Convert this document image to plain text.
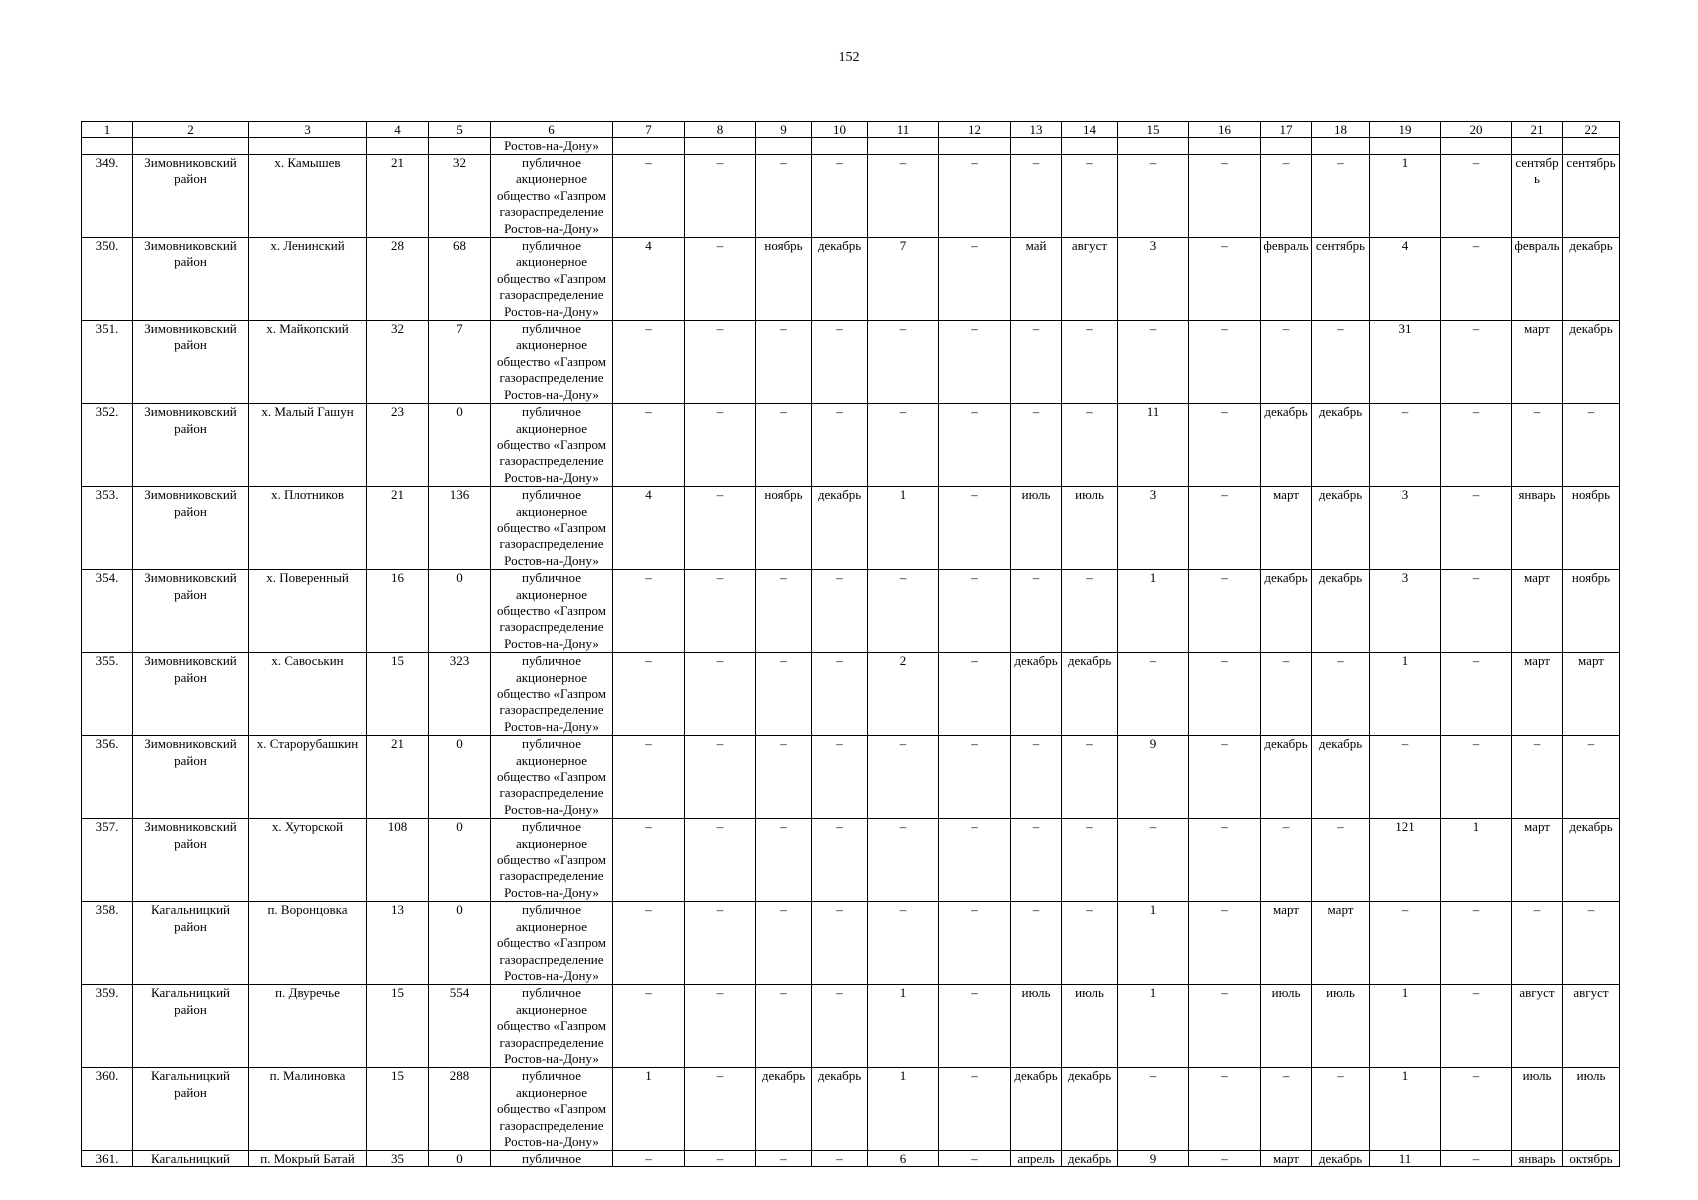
152
1	2	3	4	5	6	7	8	9	10	11	12	13	14	15	16	17	18	19	20	21	22
					Ростов-на-Дону»																
349.	Зимовниковский район	х. Камышев	21	32	публичное акционерное общество «Газпром газораспределение Ростов-на-Дону»	–	–	–	–	–	–	–	–	–	–	–	–	1	–	сентябр ь	сентябрь
350.	Зимовниковский район	х. Ленинский	28	68	публичное акционерное общество «Газпром газораспределение Ростов-на-Дону»	4	–	ноябрь	декабрь	7	–	май	август	3	–	февраль	сентябрь	4	–	февраль	декабрь
351.	Зимовниковский район	х. Майкопский	32	7	публичное акционерное общество «Газпром газораспределение Ростов-на-Дону»	–	–	–	–	–	–	–	–	–	–	–	–	31	–	март	декабрь
352.	Зимовниковский район	х. Малый Гашун	23	0	публичное акционерное общество «Газпром газораспределение Ростов-на-Дону»	–	–	–	–	–	–	–	–	11	–	декабрь	декабрь	–	–	–	–
353.	Зимовниковский район	х. Плотников	21	136	публичное акционерное общество «Газпром газораспределение Ростов-на-Дону»	4	–	ноябрь	декабрь	1	–	июль	июль	3	–	март	декабрь	3	–	январь	ноябрь
354.	Зимовниковский район	х. Поверенный	16	0	публичное акционерное общество «Газпром газораспределение Ростов-на-Дону»	–	–	–	–	–	–	–	–	1	–	декабрь	декабрь	3	–	март	ноябрь
355.	Зимовниковский район	х. Савоськин	15	323	публичное акционерное общество «Газпром газораспределение Ростов-на-Дону»	–	–	–	–	2	–	декабрь	декабрь	–	–	–	–	1	–	март	март
356.	Зимовниковский район	х. Старорубашкин	21	0	публичное акционерное общество «Газпром газораспределение Ростов-на-Дону»	–	–	–	–	–	–	–	–	9	–	декабрь	декабрь	–	–	–	–
357.	Зимовниковский район	х. Хуторской	108	0	публичное акционерное общество «Газпром газораспределение Ростов-на-Дону»	–	–	–	–	–	–	–	–	–	–	–	–	121	1	март	декабрь
358.	Кагальницкий район	п. Воронцовка	13	0	публичное акционерное общество «Газпром газораспределение Ростов-на-Дону»	–	–	–	–	–	–	–	–	1	–	март	март	–	–	–	–
359.	Кагальницкий район	п. Двуречье	15	554	публичное акционерное общество «Газпром газораспределение Ростов-на-Дону»	–	–	–	–	1	–	июль	июль	1	–	июль	июль	1	–	август	август
360.	Кагальницкий район	п. Малиновка	15	288	публичное акционерное общество «Газпром газораспределение Ростов-на-Дону»	1	–	декабрь	декабрь	1	–	декабрь	декабрь	–	–	–	–	1	–	июль	июль
361.	Кагальницкий	п. Мокрый Батай	35	0	публичное	–	–	–	–	6	–	апрель	декабрь	9	–	март	декабрь	11	–	январь	октябрь
